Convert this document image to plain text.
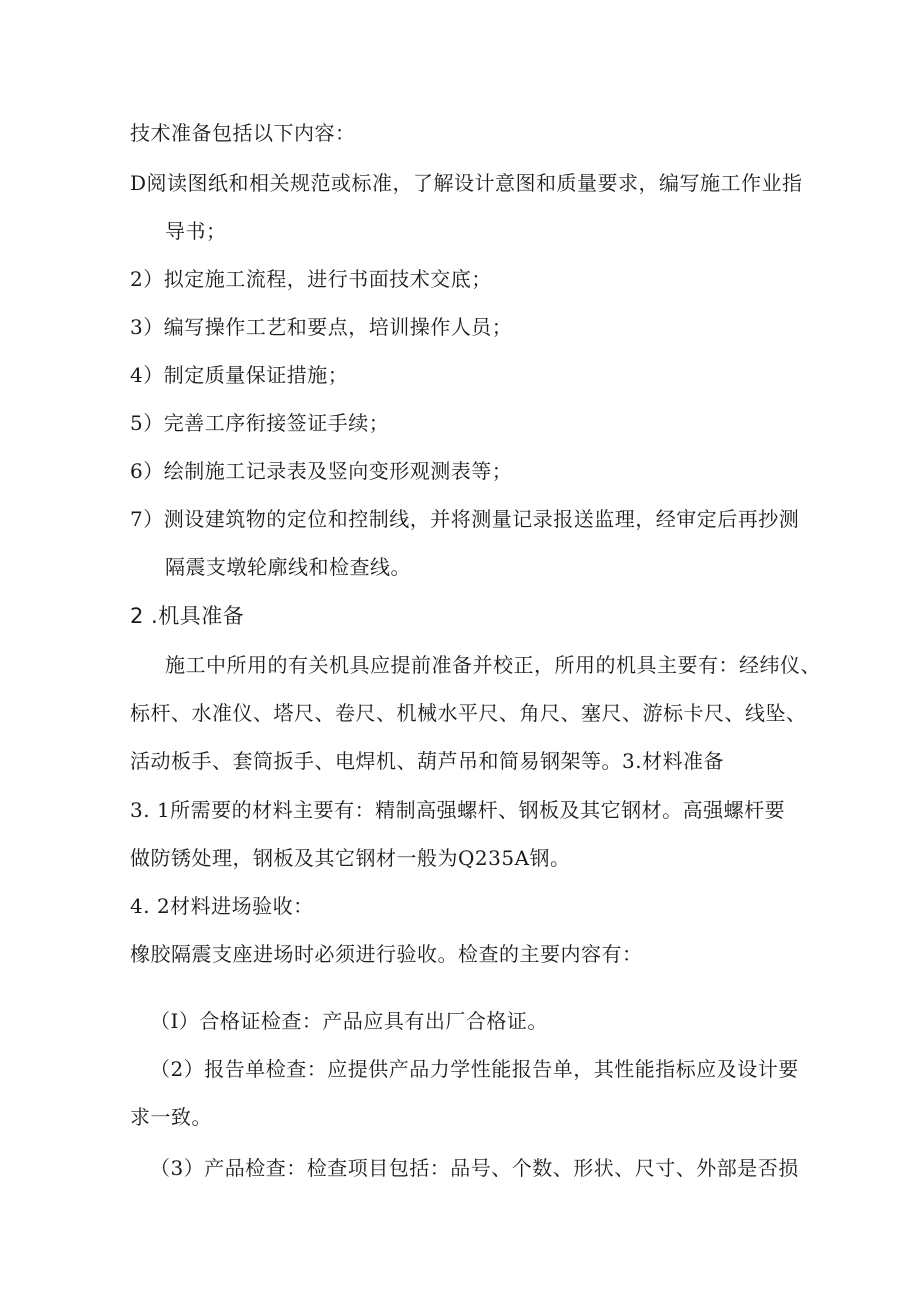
技术准备包括以下内容：
D阅读图纸和相关规范或标准，了解设计意图和质量要求，编写施工作业指
导书；
2）拟定施工流程，进行书面技术交底；
3）编写操作工艺和要点，培训操作人员；
4）制定质量保证措施；
5）完善工序衔接签证手续；
6）绘制施工记录表及竖向变形观测表等；
7）测设建筑物的定位和控制线，并将测量记录报送监理，经审定后再抄测
隔震支墩轮廓线和检查线。
2 .机具准备
施工中所用的有关机具应提前准备并校正，所用的机具主要有：经纬仪、
标杆、水准仪、塔尺、卷尺、机械水平尺、角尺、塞尺、游标卡尺、线坠、
活动板手、套筒扳手、电焊机、葫芦吊和简易钢架等。3.材料准备
3. 1所需要的材料主要有：精制高强螺杆、钢板及其它钢材。高强螺杆要
做防锈处理，钢板及其它钢材一般为Q235A钢。
4. 2材料进场验收：
橡胶隔震支座进场时必须进行验收。检查的主要内容有：
（I）合格证检查：产品应具有出厂合格证。
（2）报告单检查：应提供产品力学性能报告单，其性能指标应及设计要
求一致。
（3）产品检查：检查项目包括：品号、个数、形状、尺寸、外部是否损
